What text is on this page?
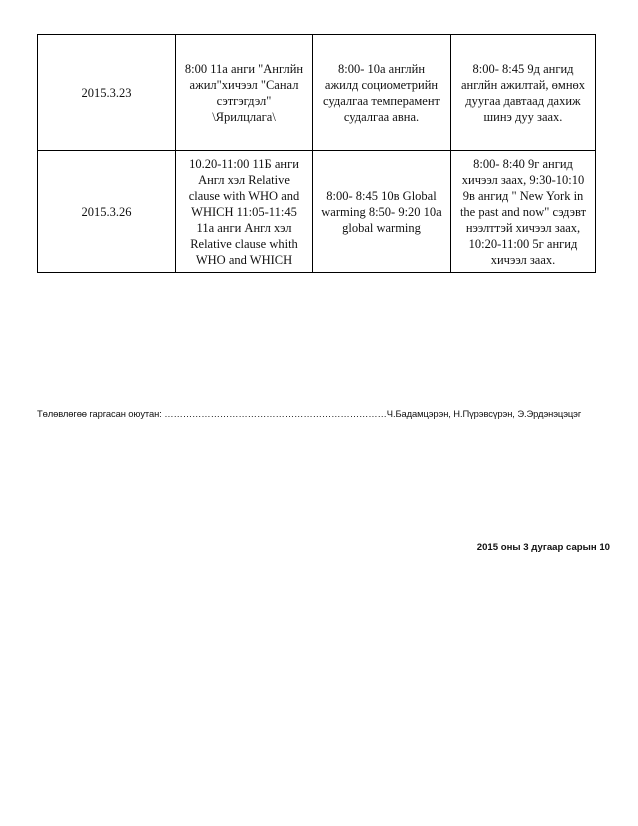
2015.3.23	8:00 11а анги "Англйн ажил"хичээл "Санал сэтгэгдэл" \Ярилцлага\	8:00- 10а англйн ажилд социометрийн судалгаа темперамент судалгаа авна.	8:00- 8:45 9д ангид англйн ажилтай, өмнөх дуугаа давтаад дахиж шинэ дуу заах.
2015.3.26	10.20-11:00 11Б анги Англ хэл Relative clause with WHO and WHICH 11:05-11:45 11а анги Англ хэл Relative clause whith WHO and WHICH	8:00- 8:45 10в Global warming 8:50- 9:20 10а global warming	8:00- 8:40 9г ангид хичээл заах, 9:30-10:10 9в ангид " New York in the past and now" сэдэвт нээлттэй хичээл заах, 10:20-11:00 5г ангид хичээл заах.
Төлөвлөгөө гаргасан оюутан: ………………………………………………………………Ч.Бадамцэрэн, Н.Пүрэвсүрэн, Э.Эрдэнэцэцэг
2015 оны 3 дугаар сарын 10
